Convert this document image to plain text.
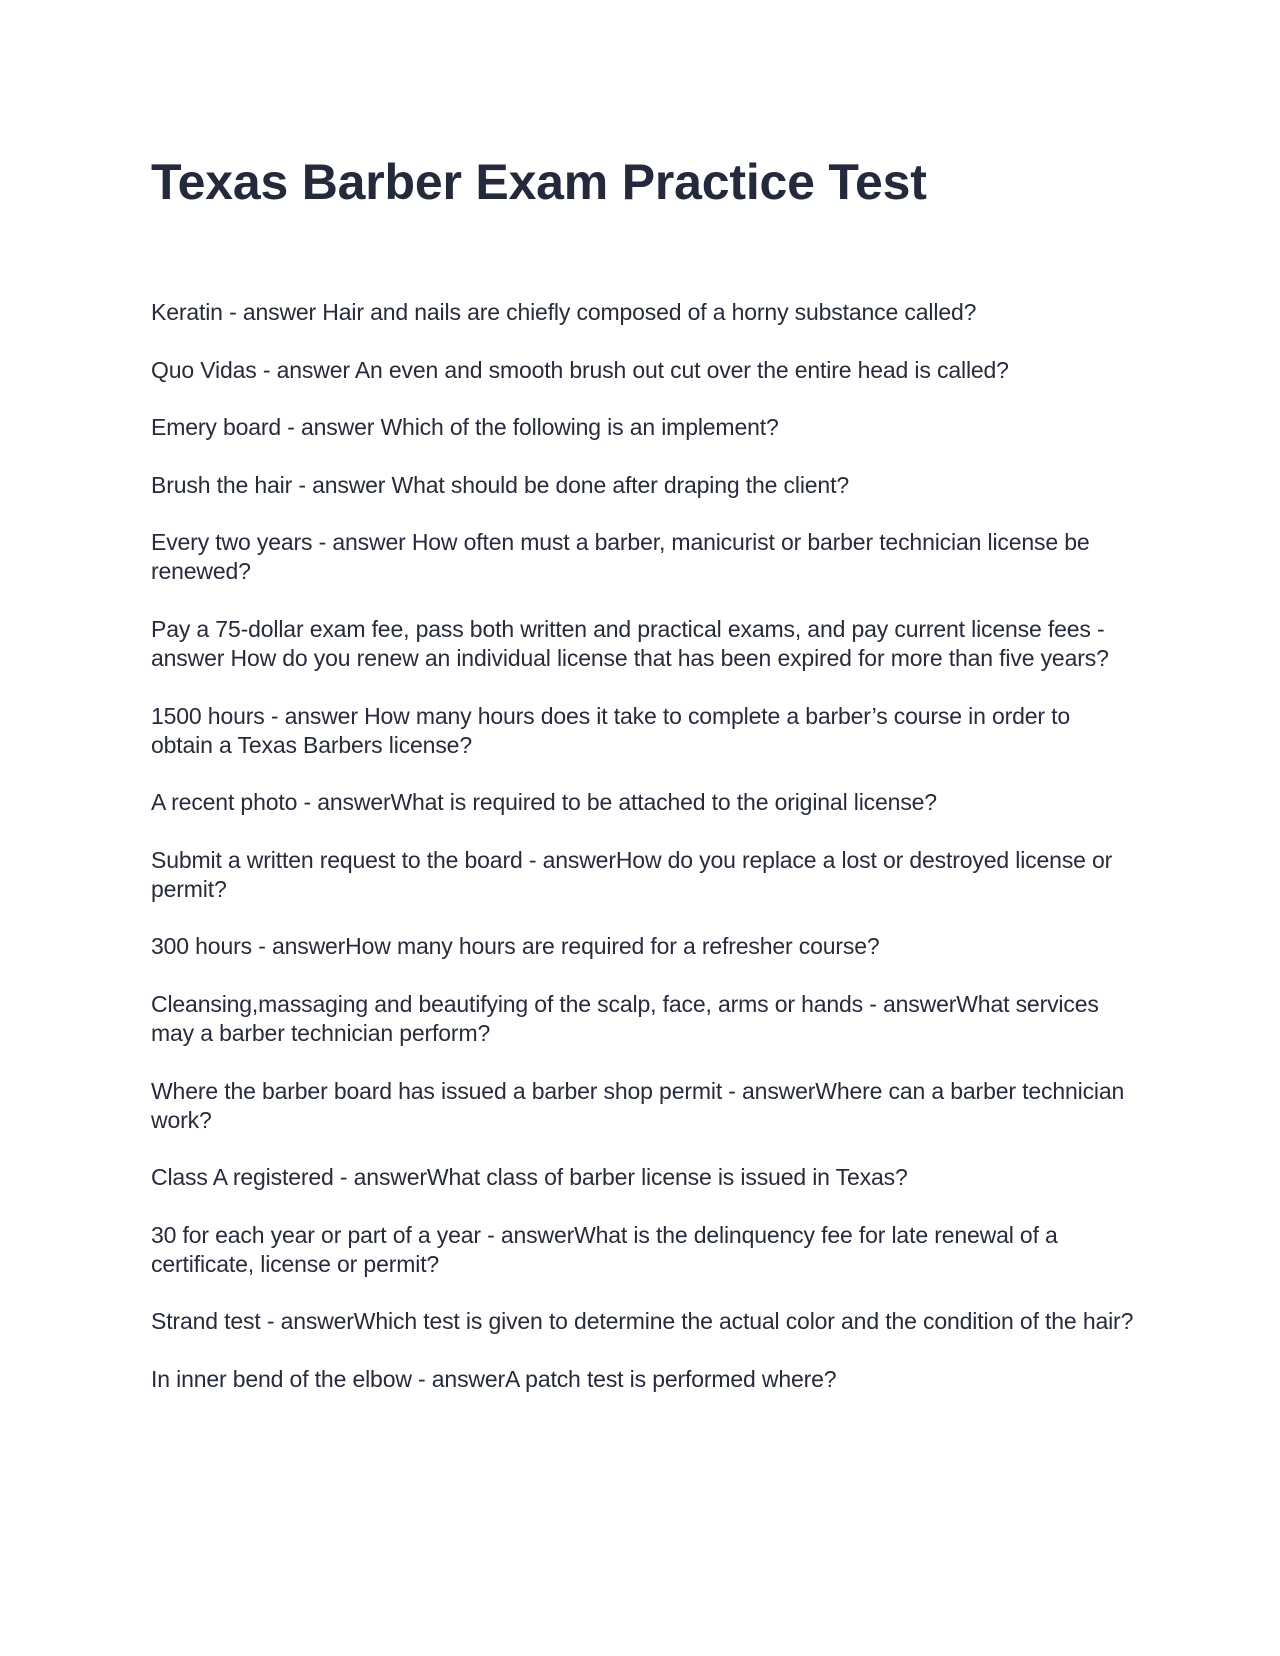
Texas Barber Exam Practice Test

Keratin - answer Hair and nails are chiefly composed of a horny substance called?

Quo Vidas - answer An even and smooth brush out cut over the entire head is called?

Emery board - answer Which of the following is an implement?

Brush the hair - answer What should be done after draping the client?

Every two years - answer How often must a barber, manicurist or barber technician license be renewed?

Pay a 75-dollar exam fee, pass both written and practical exams, and pay current license fees - answer How do you renew an individual license that has been expired for more than five years?

1500 hours - answer How many hours does it take to complete a barber’s course in order to obtain a Texas Barbers license?

A recent photo - answerWhat is required to be attached to the original license?

Submit a written request to the board - answerHow do you replace a lost or destroyed license or permit?

300 hours - answerHow many hours are required for a refresher course?

Cleansing,massaging and beautifying of the scalp, face, arms or hands - answerWhat services may a barber technician perform?

Where the barber board has issued a barber shop permit - answerWhere can a barber technician work?

Class A registered - answerWhat class of barber license is issued in Texas?

30 for each year or part of a year - answerWhat is the delinquency fee for late renewal of a certificate, license or permit?

Strand test - answerWhich test is given to determine the actual color and the condition of the hair?

In inner bend of the elbow - answerA patch test is performed where?
